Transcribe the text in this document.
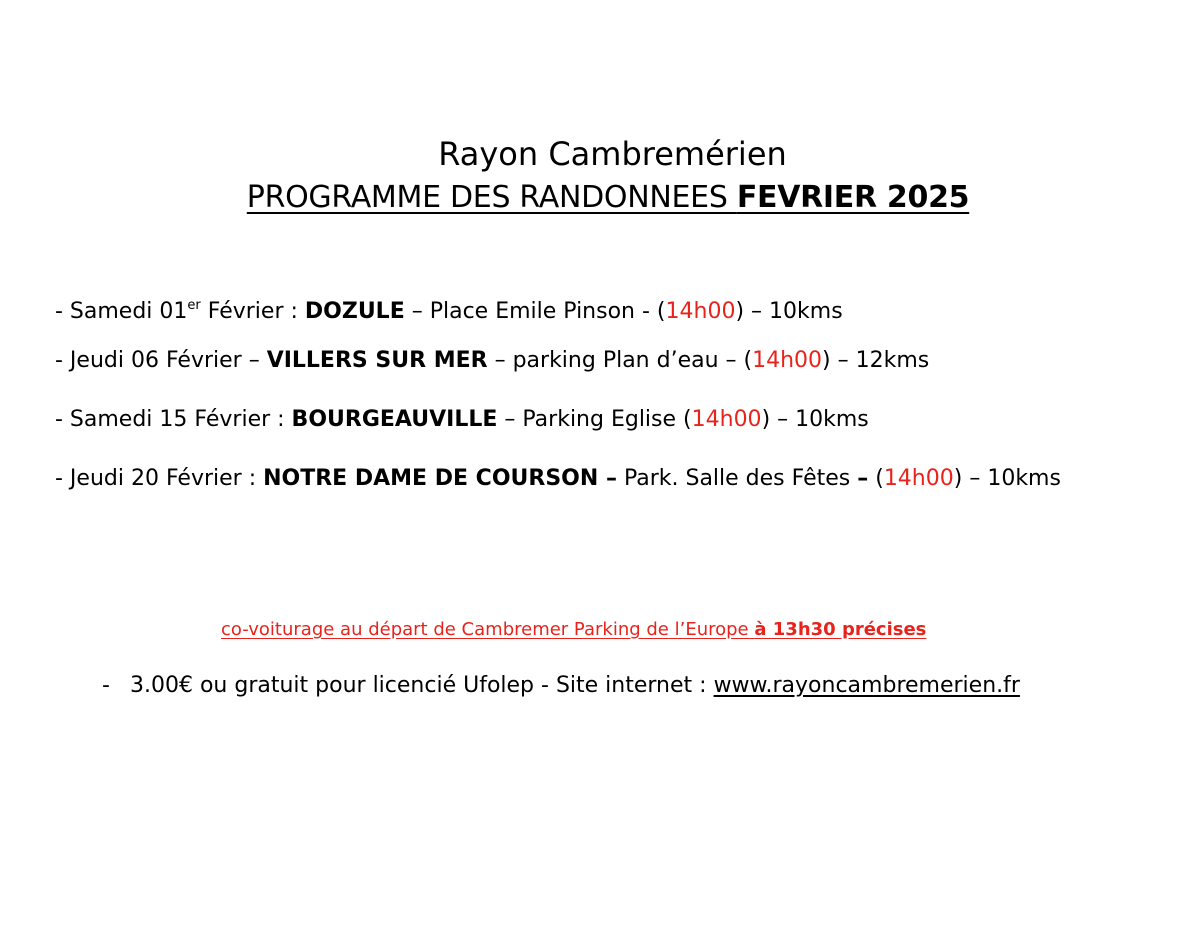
Rayon Cambremérien
PROGRAMME DES RANDONNEES FEVRIER 2025
- Samedi 01er Février : DOZULE – Place Emile Pinson - (14h00) – 10kms
- Jeudi 06 Février – VILLERS SUR MER – parking Plan d’eau – (14h00) – 12kms
- Samedi 15 Février : BOURGEAUVILLE – Parking Eglise (14h00) – 10kms
- Jeudi 20 Février : NOTRE DAME DE COURSON – Park. Salle des Fêtes – (14h00) – 10kms
co-voiturage au départ de Cambremer Parking de l’Europe à 13h30 précises
- 3.00€ ou gratuit pour licencié Ufolep - Site internet : www.rayoncambremerien.fr
